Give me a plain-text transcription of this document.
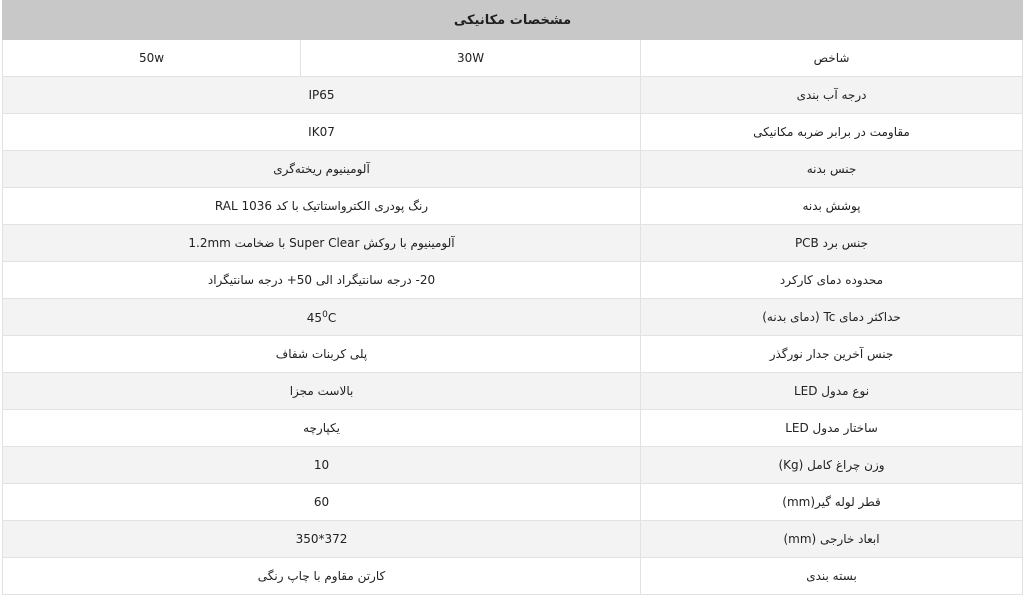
مشخصات مکانیکی		
شاخص	30W	50w
درجه آب بندی	IP65	
مقاومت در برابر ضربه مکانیکی	IK07	
جنس بدنه	آلومینیوم ریخته‌گری	
پوشش بدنه	رنگ پودری الکترواستاتیک با کد RAL 1036	
جنس برد PCB	آلومینیوم با روکش Super Clear با ضخامت 1.2mm	
محدوده دمای کارکرد	20- درجه سانتیگراد الی 50+ درجه سانتیگراد	
حداکثر دمای Tc (دمای بدنه)	$45^0C$	
جنس آخرین جدار نورگذر	پلی کربنات شفاف	
نوع مدول LED	بالاست مجزا	
ساختار مدول LED	یکپارچه	
وزن چراغ کامل (Kg)	10	
قطر لوله گیر(mm)	60	
ابعاد خارجی (mm)	372*350	
بسته بندی	کارتن مقاوم با چاپ رنگی	
